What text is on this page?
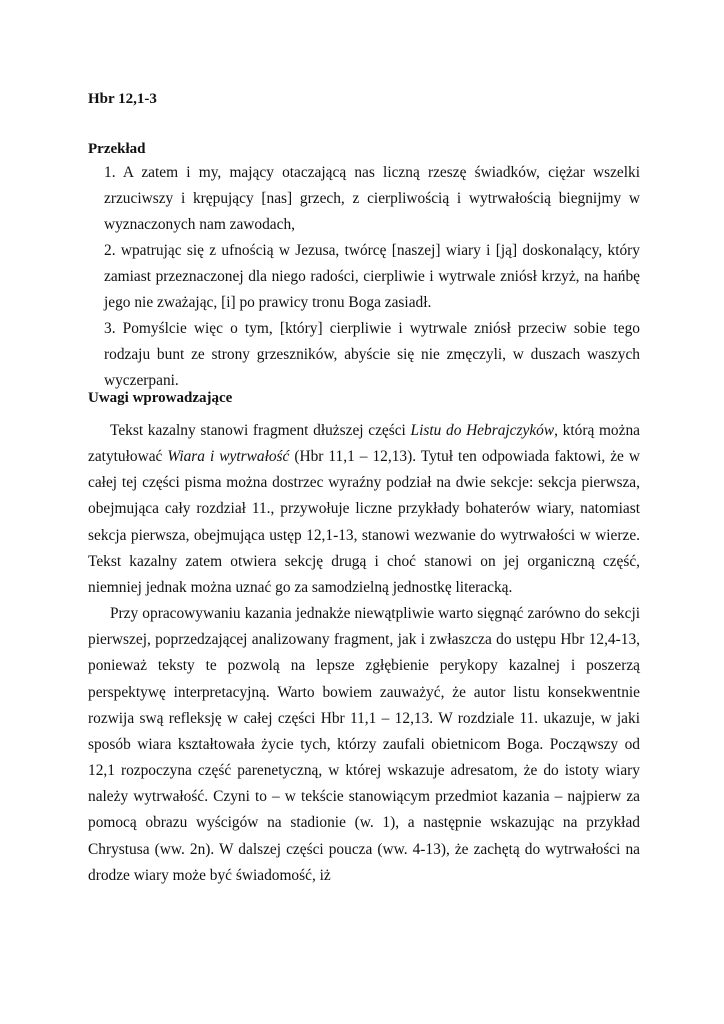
Hbr 12,1-3
Przekład

1. A zatem i my, mający otaczającą nas liczną rzeszę świadków, ciężar wszelki zrzuciwszy i krępujący [nas] grzech, z cierpliwością i wytrwałością biegnijmy w wyznaczonych nam zawodach,

2. wpatrując się z ufnością w Jezusa, twórcę [naszej] wiary i [ją] doskonalący, który zamiast przeznaczonej dla niego radości, cierpliwie i wytrwale zniósł krzyż, na hańbę jego nie zważając, [i] po prawicy tronu Boga zasiadł.

3. Pomyślcie więc o tym, [który] cierpliwie i wytrwale zniósł przeciw sobie tego rodzaju bunt ze strony grzeszników, abyście się nie zmęczyli, w duszach waszych wyczerpani.

Uwagi wprowadzające

Tekst kazalny stanowi fragment dłuższej części Listu do Hebrajczyków, którą można zatytułować Wiara i wytrwałość (Hbr 11,1 – 12,13). Tytuł ten odpowiada faktowi, że w całej tej części pisma można dostrzec wyraźny podział na dwie sekcje: sekcja pierwsza, obejmująca cały rozdział 11., przywołuje liczne przykłady bohaterów wiary, natomiast sekcja pierwsza, obejmująca ustęp 12,1-13, stanowi wezwanie do wytrwałości w wierze. Tekst kazalny zatem otwiera sekcję drugą i choć stanowi on jej organiczną część, niemniej jednak można uznać go za samodzielną jednostkę literacką.

Przy opracowywaniu kazania jednakże niewątpliwie warto sięgnąć zarówno do sekcji pierwszej, poprzedzającej analizowany fragment, jak i zwłaszcza do ustępu Hbr 12,4-13, ponieważ teksty te pozwolą na lepsze zgłębienie perykopy kazalnej i poszerzą perspektywę interpretacyjną. Warto bowiem zauważyć, że autor listu konsekwentnie rozwija swą refleksję w całej części Hbr 11,1 – 12,13. W rozdziale 11. ukazuje, w jaki sposób wiara kształtowała życie tych, którzy zaufali obietnicom Boga. Począwszy od 12,1 rozpoczyna część parenetyczną, w której wskazuje adresatom, że do istoty wiary należy wytrwałość. Czyni to – w tekście stanowiącym przedmiot kazania – najpierw za pomocą obrazu wyścigów na stadionie (w. 1), a następnie wskazując na przykład Chrystusa (ww. 2n). W dalszej części poucza (ww. 4-13), że zachętą do wytrwałości na drodze wiary może być świadomość, iż
